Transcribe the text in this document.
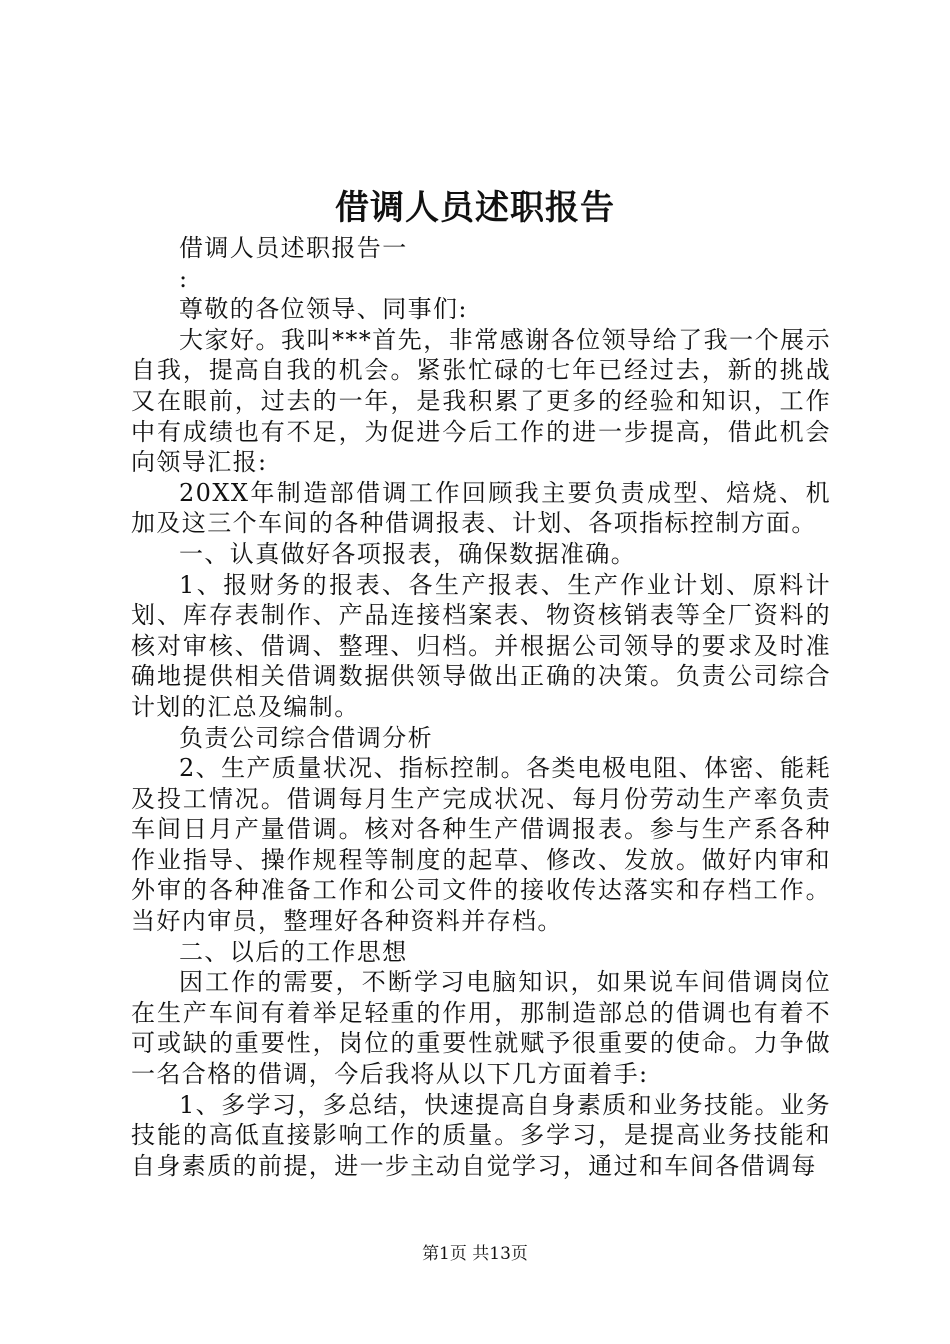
借调人员述职报告

借调人员述职报告一

:

尊敬的各位领导、同事们:

大家好。我叫***首先，非常感谢各位领导给了我一个展示自我，提高自我的机会。紧张忙碌的七年已经过去，新的挑战又在眼前，过去的一年，是我积累了更多的经验和知识，工作中有成绩也有不足，为促进今后工作的进一步提高，借此机会向领导汇报:

20XX年制造部借调工作回顾我主要负责成型、焙烧、机加及这三个车间的各种借调报表、计划、各项指标控制方面。

一、认真做好各项报表，确保数据准确。

1、报财务的报表、各生产报表、生产作业计划、原料计划、库存表制作、产品连接档案表、物资核销表等全厂资料的核对审核、借调、整理、归档。并根据公司领导的要求及时准确地提供相关借调数据供领导做出正确的决策。负责公司综合计划的汇总及编制。

负责公司综合借调分析

2、生产质量状况、指标控制。各类电极电阻、体密、能耗及投工情况。借调每月生产完成状况、每月份劳动生产率负责车间日月产量借调。核对各种生产借调报表。参与生产系各种作业指导、操作规程等制度的起草、修改、发放。做好内审和外审的各种准备工作和公司文件的接收传达落实和存档工作。当好内审员，整理好各种资料并存档。

二、以后的工作思想

因工作的需要，不断学习电脑知识，如果说车间借调岗位在生产车间有着举足轻重的作用，那制造部总的借调也有着不可或缺的重要性，岗位的重要性就赋予很重要的使命。力争做一名合格的借调，今后我将从以下几方面着手:

1、多学习，多总结，快速提高自身素质和业务技能。业务技能的高低直接影响工作的质量。多学习，是提高业务技能和自身素质的前提，进一步主动自觉学习，通过和车间各借调每

第1页 共13页
